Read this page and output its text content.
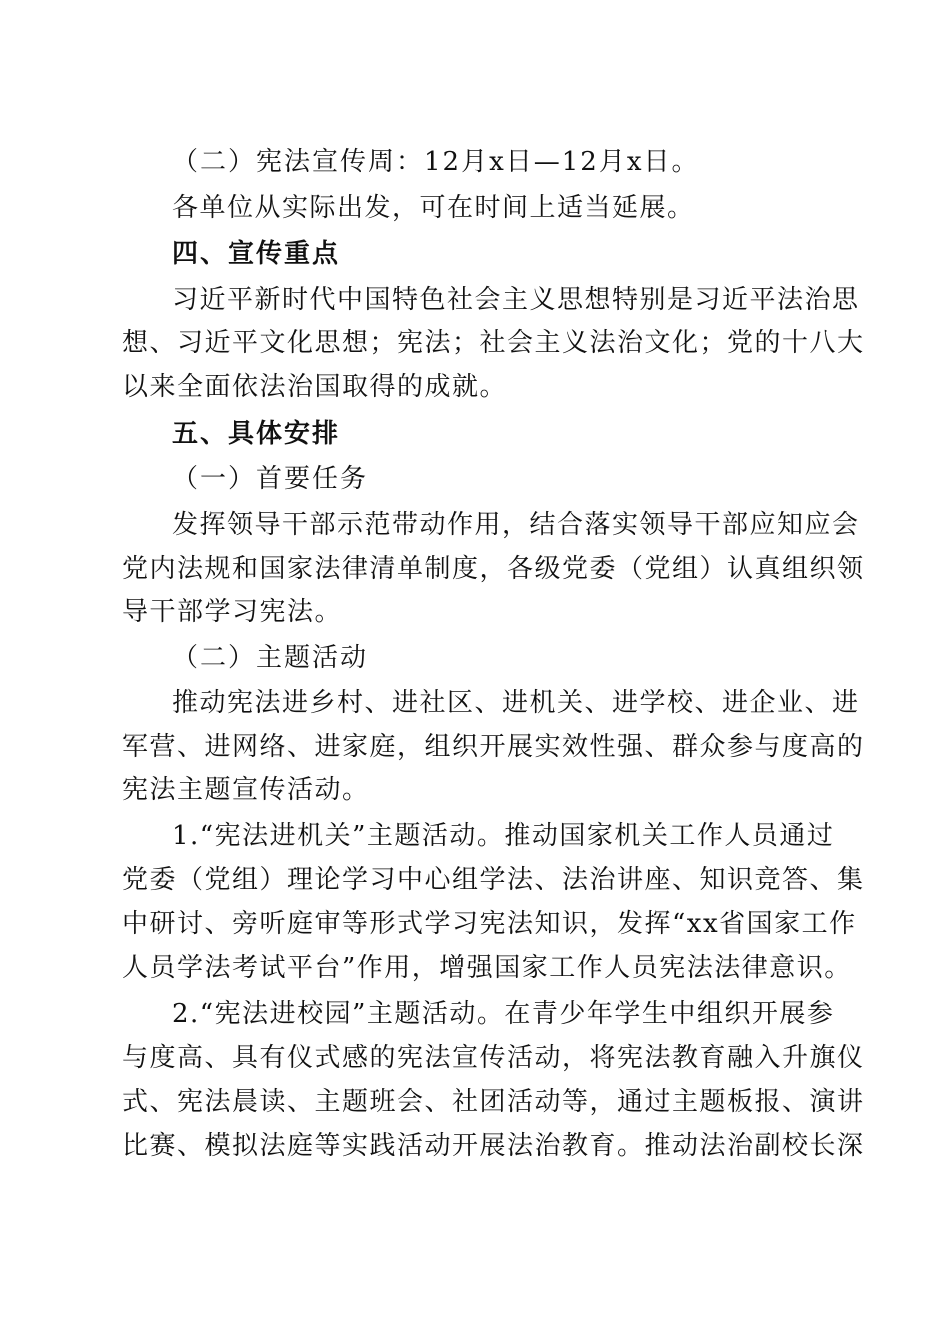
（二）宪法宣传周：12月x日—12月x日。
各单位从实际出发，可在时间上适当延展。
四、宣传重点
习近平新时代中国特色社会主义思想特别是习近平法治思
想、习近平文化思想；宪法；社会主义法治文化；党的十八大
以来全面依法治国取得的成就。
五、具体安排
（一）首要任务
发挥领导干部示范带动作用，结合落实领导干部应知应会
党内法规和国家法律清单制度，各级党委（党组）认真组织领
导干部学习宪法。
（二）主题活动
推动宪法进乡村、进社区、进机关、进学校、进企业、进
军营、进网络、进家庭，组织开展实效性强、群众参与度高的
宪法主题宣传活动。
1.“宪法进机关”主题活动。推动国家机关工作人员通过
党委（党组）理论学习中心组学法、法治讲座、知识竞答、集
中研讨、旁听庭审等形式学习宪法知识，发挥“xx省国家工作
人员学法考试平台”作用，增强国家工作人员宪法法律意识。
2.“宪法进校园”主题活动。在青少年学生中组织开展参
与度高、具有仪式感的宪法宣传活动，将宪法教育融入升旗仪
式、宪法晨读、主题班会、社团活动等，通过主题板报、演讲
比赛、模拟法庭等实践活动开展法治教育。推动法治副校长深
